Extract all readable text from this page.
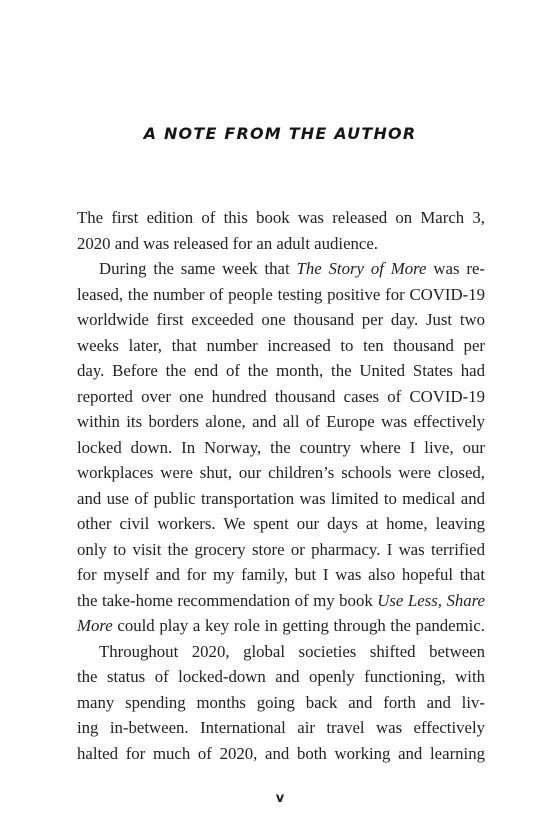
A NOTE FROM THE AUTHOR
The first edition of this book was released on March 3,
2020 and was released for an adult audience.
During the same week that The Story of More was re-
leased, the number of people testing positive for COVID-19
worldwide first exceeded one thousand per day. Just two
weeks later, that number increased to ten thousand per
day. Before the end of the month, the United States had
reported over one hundred thousand cases of COVID-19
within its borders alone, and all of Europe was effectively
locked down. In Norway, the country where I live, our
workplaces were shut, our children’s schools were closed,
and use of public transportation was limited to medical and
other civil workers. We spent our days at home, leaving
only to visit the grocery store or pharmacy. I was terrified
for myself and for my family, but I was also hopeful that
the take-home recommendation of my book Use Less, Share
More could play a key role in getting through the pandemic.
Throughout 2020, global societies shifted between
the status of locked-down and openly functioning, with
many spending months going back and forth and liv-
ing in-between. International air travel was effectively
halted for much of 2020, and both working and learning
v
